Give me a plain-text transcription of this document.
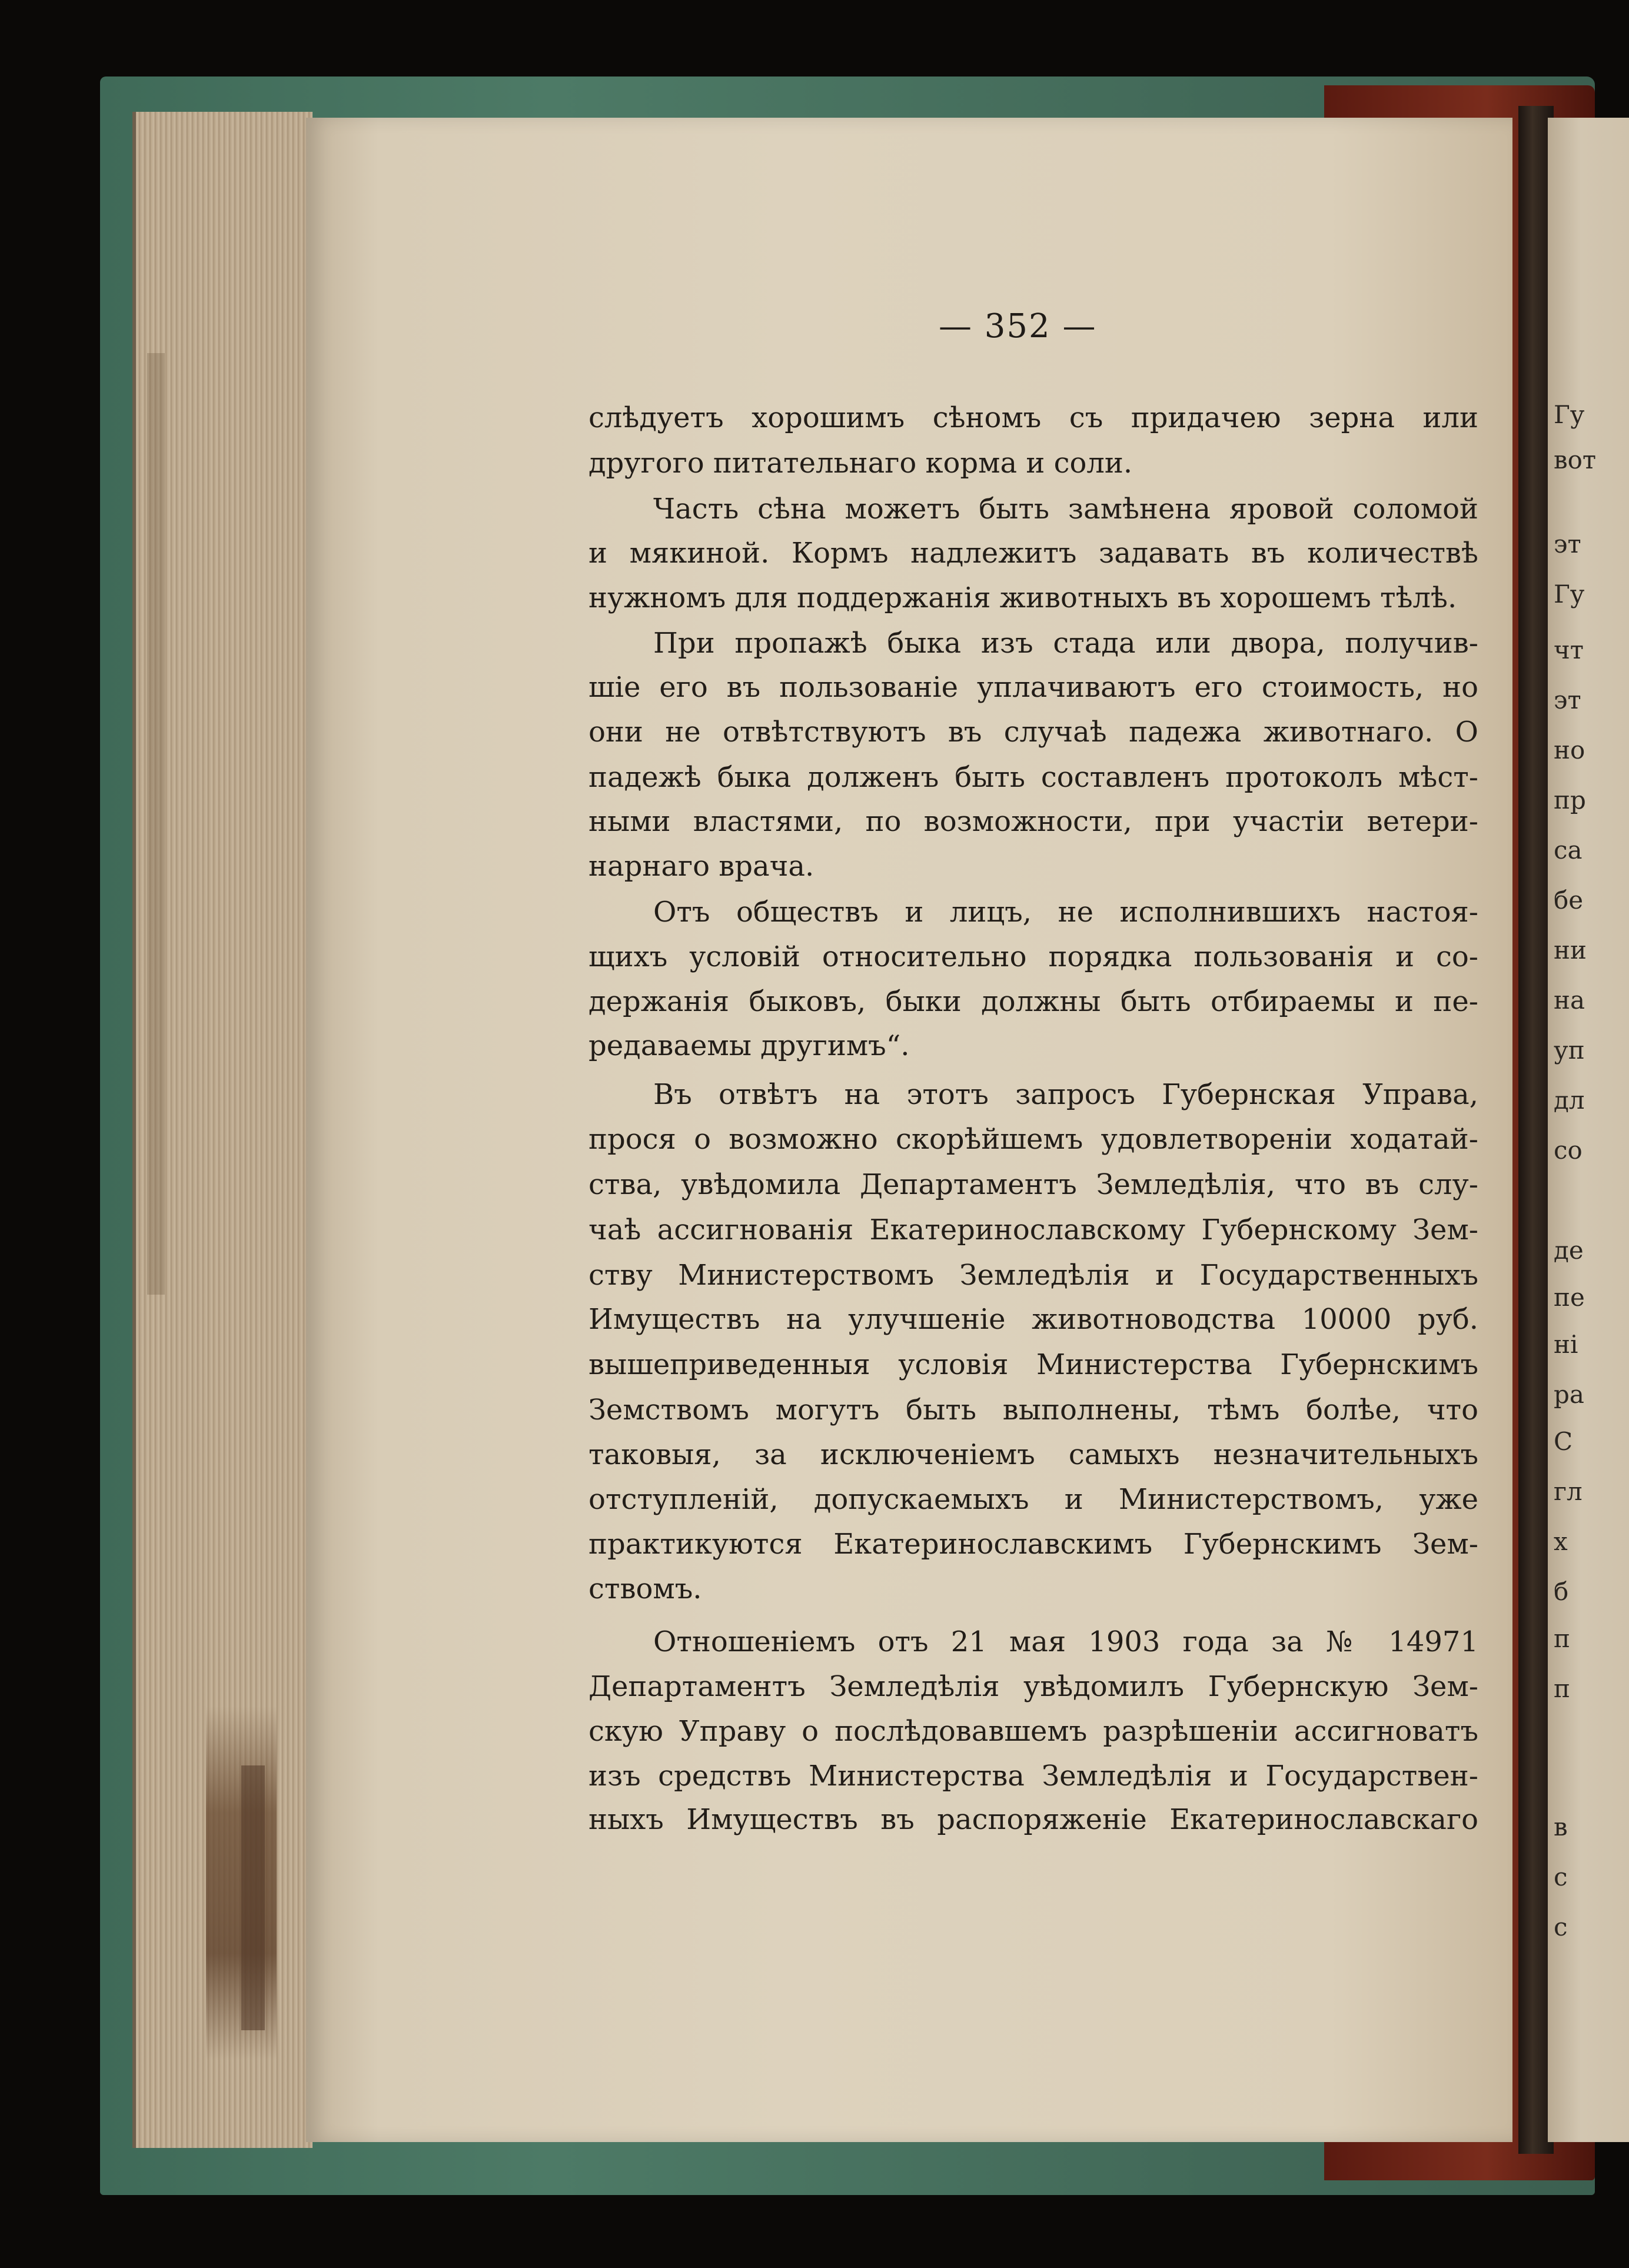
— 352 —
слѣдуетъ хорошимъ сѣномъ съ придачею зерна или
другого питательнаго корма и соли.
Часть сѣна можетъ быть замѣнена яровой соломой
и мякиной. Кормъ надлежитъ задавать въ количествѣ
нужномъ для поддержанія животныхъ въ хорошемъ тѣлѣ.
При пропажѣ быка изъ стада или двора, получив-
шіе его въ пользованіе уплачиваютъ его стоимость, но
они не отвѣтствуютъ въ случаѣ падежа животнаго. О
падежѣ быка долженъ быть составленъ протоколъ мѣст-
ными властями, по возможности, при участіи ветери-
нарнаго врача.
Отъ обществъ и лицъ, не исполнившихъ настоя-
щихъ условій относительно порядка пользованія и со-
держанія быковъ, быки должны быть отбираемы и пе-
редаваемы другимъ“.
Въ отвѣтъ на этотъ запросъ Губернская Управа,
прося о возможно скорѣйшемъ удовлетвореніи ходатай-
ства, увѣдомила Департаментъ Земледѣлія, что въ слу-
чаѣ ассигнованія Екатеринославскому Губернскому Зем-
ству Министерствомъ Земледѣлія и Государственныхъ
Имуществъ на улучшеніе животноводства 10000 руб.
вышеприведенныя условія Министерства Губернскимъ
Земствомъ могутъ быть выполнены, тѣмъ болѣе, что
таковыя, за исключеніемъ самыхъ незначительныхъ
отступленій, допускаемыхъ и Министерствомъ, уже
практикуются Екатеринославскимъ Губернскимъ Зем-
ствомъ.
Отношеніемъ отъ 21 мая 1903 года за № 14971
Департаментъ Земледѣлія увѣдомилъ Губернскую Зем-
скую Управу о послѣдовавшемъ разрѣшеніи ассигноватъ
изъ средствъ Министерства Земледѣлія и Государствен-
ныхъ Имуществъ въ распоряженіе Екатеринославскаго
Гу
вот
эт
Гу
чт
эт
но
пр
са
бе
ни
на
уп
дл
со
де
пе
ні
ра
С
гл
х
б
п
п
в
с
с
